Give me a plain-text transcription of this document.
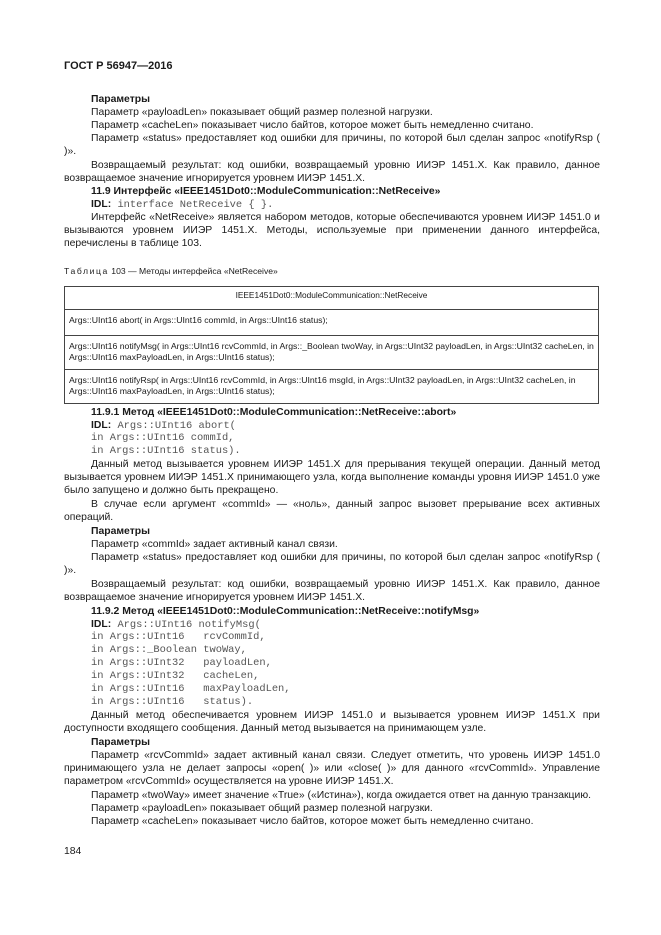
ГОСТ Р 56947—2016
Параметры
Параметр «payloadLen» показывает общий размер полезной нагрузки.
Параметр «cacheLen» показывает число байтов, которое может быть немедленно считано.

Параметр «status» предоставляет код ошибки для причины, по которой был сделан запрос «notifyRsp ( )».

Возвращаемый результат: код ошибки, возвращаемый уровню ИИЭР 1451.Х. Как правило, данное возвращаемое значение игнорируется уровнем ИИЭР 1451.Х.

11.9 Интерфейс «IEEE1451Dot0::ModuleCommunication::NetReceive»
IDL: interface NetReceive { }.

Интерфейс «NetReceive» является набором методов, которые обеспечиваются уровнем ИИЭР 1451.0 и вызываются уровнем ИИЭР 1451.Х. Методы, используемые при применении данного интерфейса, перечислены в таблице 103.

Таблица 103 — Методы интерфейса «NetReceive»
IEEE1451Dot0::ModuleCommunication::NetReceive
Args::UInt16 abort( in Args::UInt16 commId, in Args::UInt16 status);
Args::UInt16 notifyMsg( in Args::UInt16 rcvCommId, in Args::_Boolean twoWay, in Args::UInt32 payloadLen, in Args::UInt32 cacheLen, in Args::UInt16 maxPayloadLen, in Args::UInt16 status);
Args::UInt16 notifyRsp( in Args::UInt16 rcvCommId, in Args::UInt16 msgId, in Args::UInt32 payloadLen, in Args::UInt32 cacheLen, in Args::UInt16 maxPayloadLen, in Args::UInt16 status);
11.9.1 Метод «IEEE1451Dot0::ModuleCommunication::NetReceive::abort»
IDL: Args::UInt16 abort(
in Args::UInt16 commId,
in Args::UInt16 status).

Данный метод вызывается уровнем ИИЭР 1451.Х для прерывания текущей операции. Данный метод вызывается уровнем ИИЭР 1451.Х принимающего узла, когда выполнение команды уровня ИИЭР 1451.0 уже было запущено и должно быть прекращено.

В случае если аргумент «commId» — «ноль», данный запрос вызовет прерывание всех активных операций.

Параметры
Параметр «commId» задает активный канал связи.

Параметр «status» предоставляет код ошибки для причины, по которой был сделан запрос «notifyRsp ( )».

Возвращаемый результат: код ошибки, возвращаемый уровню ИИЭР 1451.Х. Как правило, данное возвращаемое значение игнорируется уровнем ИИЭР 1451.Х.

11.9.2 Метод «IEEE1451Dot0::ModuleCommunication::NetReceive::notifyMsg»
IDL: Args::UInt16 notifyMsg(
in Args::UInt16   rcvCommId,
in Args::_Boolean twoWay,
in Args::UInt32   payloadLen,
in Args::UInt32   cacheLen,
in Args::UInt16   maxPayloadLen,
in Args::UInt16   status).

Данный метод обеспечивается уровнем ИИЭР 1451.0 и вызывается уровнем ИИЭР 1451.Х при доступности входящего сообщения. Данный метод вызывается на принимающем узле.

Параметры

Параметр «rcvCommId» задает активный канал связи. Следует отметить, что уровень ИИЭР 1451.0 принимающего узла не делает запросы «open( )» или «close( )» для данного «rcvCommId». Управление параметром «rcvCommId» осуществляется на уровне ИИЭР 1451.Х.

Параметр «twoWay» имеет значение «True» («Истина»), когда ожидается ответ на данную транзакцию.

Параметр «payloadLen» показывает общий размер полезной нагрузки.
Параметр «cacheLen» показывает число байтов, которое может быть немедленно считано.
184
